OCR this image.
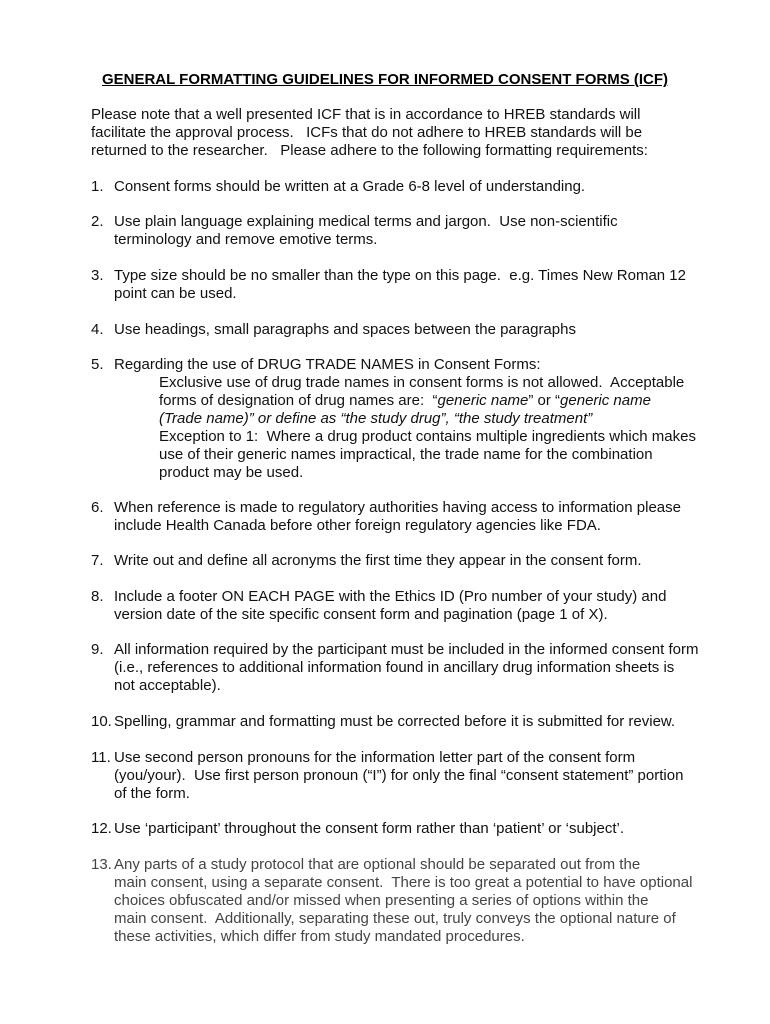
GENERAL FORMATTING GUIDELINES FOR INFORMED CONSENT FORMS (ICF)
Please note that a well presented ICF that is in accordance to HREB standards will
facilitate the approval process.   ICFs that do not adhere to HREB standards will be
returned to the researcher.   Please adhere to the following formatting requirements:
1. Consent forms should be written at a Grade 6-8 level of understanding.
2. Use plain language explaining medical terms and jargon.  Use non-scientific
terminology and remove emotive terms.
3. Type size should be no smaller than the type on this page.  e.g. Times New Roman 12
point can be used.
4. Use headings, small paragraphs and spaces between the paragraphs
5. Regarding the use of DRUG TRADE NAMES in Consent Forms:
Exclusive use of drug trade names in consent forms is not allowed.  Acceptable
forms of designation of drug names are:  “generic name” or “generic name
(Trade name)” or define as “the study drug”, “the study treatment”
Exception to 1:  Where a drug product contains multiple ingredients which makes
use of their generic names impractical, the trade name for the combination
product may be used.
6. When reference is made to regulatory authorities having access to information please
include Health Canada before other foreign regulatory agencies like FDA.
7. Write out and define all acronyms the first time they appear in the consent form.
8. Include a footer ON EACH PAGE with the Ethics ID (Pro number of your study) and
version date of the site specific consent form and pagination (page 1 of X).
9. All information required by the participant must be included in the informed consent form
(i.e., references to additional information found in ancillary drug information sheets is
not acceptable).
10. Spelling, grammar and formatting must be corrected before it is submitted for review.
11. Use second person pronouns for the information letter part of the consent form
(you/your).  Use first person pronoun (“I”) for only the final “consent statement” portion
of the form.
12. Use ‘participant’ throughout the consent form rather than ‘patient’ or ‘subject’.
13. Any parts of a study protocol that are optional should be separated out from the
main consent, using a separate consent.  There is too great a potential to have optional
choices obfuscated and/or missed when presenting a series of options within the
main consent.  Additionally, separating these out, truly conveys the optional nature of
these activities, which differ from study mandated procedures.
